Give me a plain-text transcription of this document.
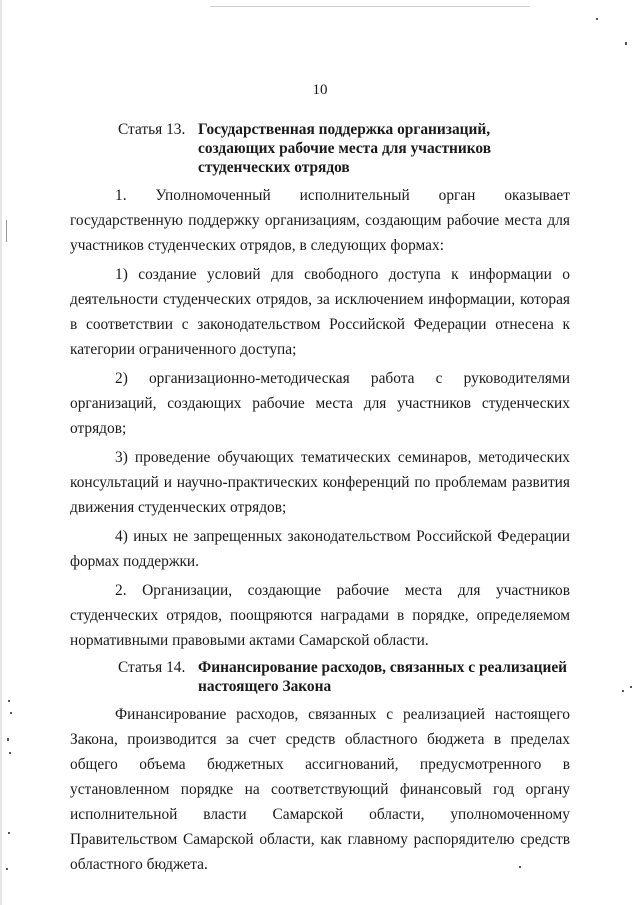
10
Статья 13. Государственная поддержка организаций, создающих рабочие места для участников студенческих отрядов

1. Уполномоченный исполнительный орган оказывает государственную поддержку организациям, создающим рабочие места для участников студенческих отрядов, в следующих формах:

1) создание условий для свободного доступа к информации о деятельности студенческих отрядов, за исключением информации, которая в соответствии с законодательством Российской Федерации отнесена к категории ограниченного доступа;

2) организационно-методическая работа с руководителями организаций, создающих рабочие места для участников студенческих отрядов;

3) проведение обучающих тематических семинаров, методических консультаций и научно-практических конференций по проблемам развития движения студенческих отрядов;

4) иных не запрещенных законодательством Российской Федерации формах поддержки.

2. Организации, создающие рабочие места для участников студенческих отрядов, поощряются наградами в порядке, определяемом нормативными правовыми актами Самарской области.

Статья 14. Финансирование расходов, связанных с реализацией настоящего Закона

Финансирование расходов, связанных с реализацией настоящего Закона, производится за счет средств областного бюджета в пределах общего объема бюджетных ассигнований, предусмотренного в установленном порядке на соответствующий финансовый год органу исполнительной власти Самарской области, уполномоченному Правительством Самарской области, как главному распорядителю средств областного бюджета.
